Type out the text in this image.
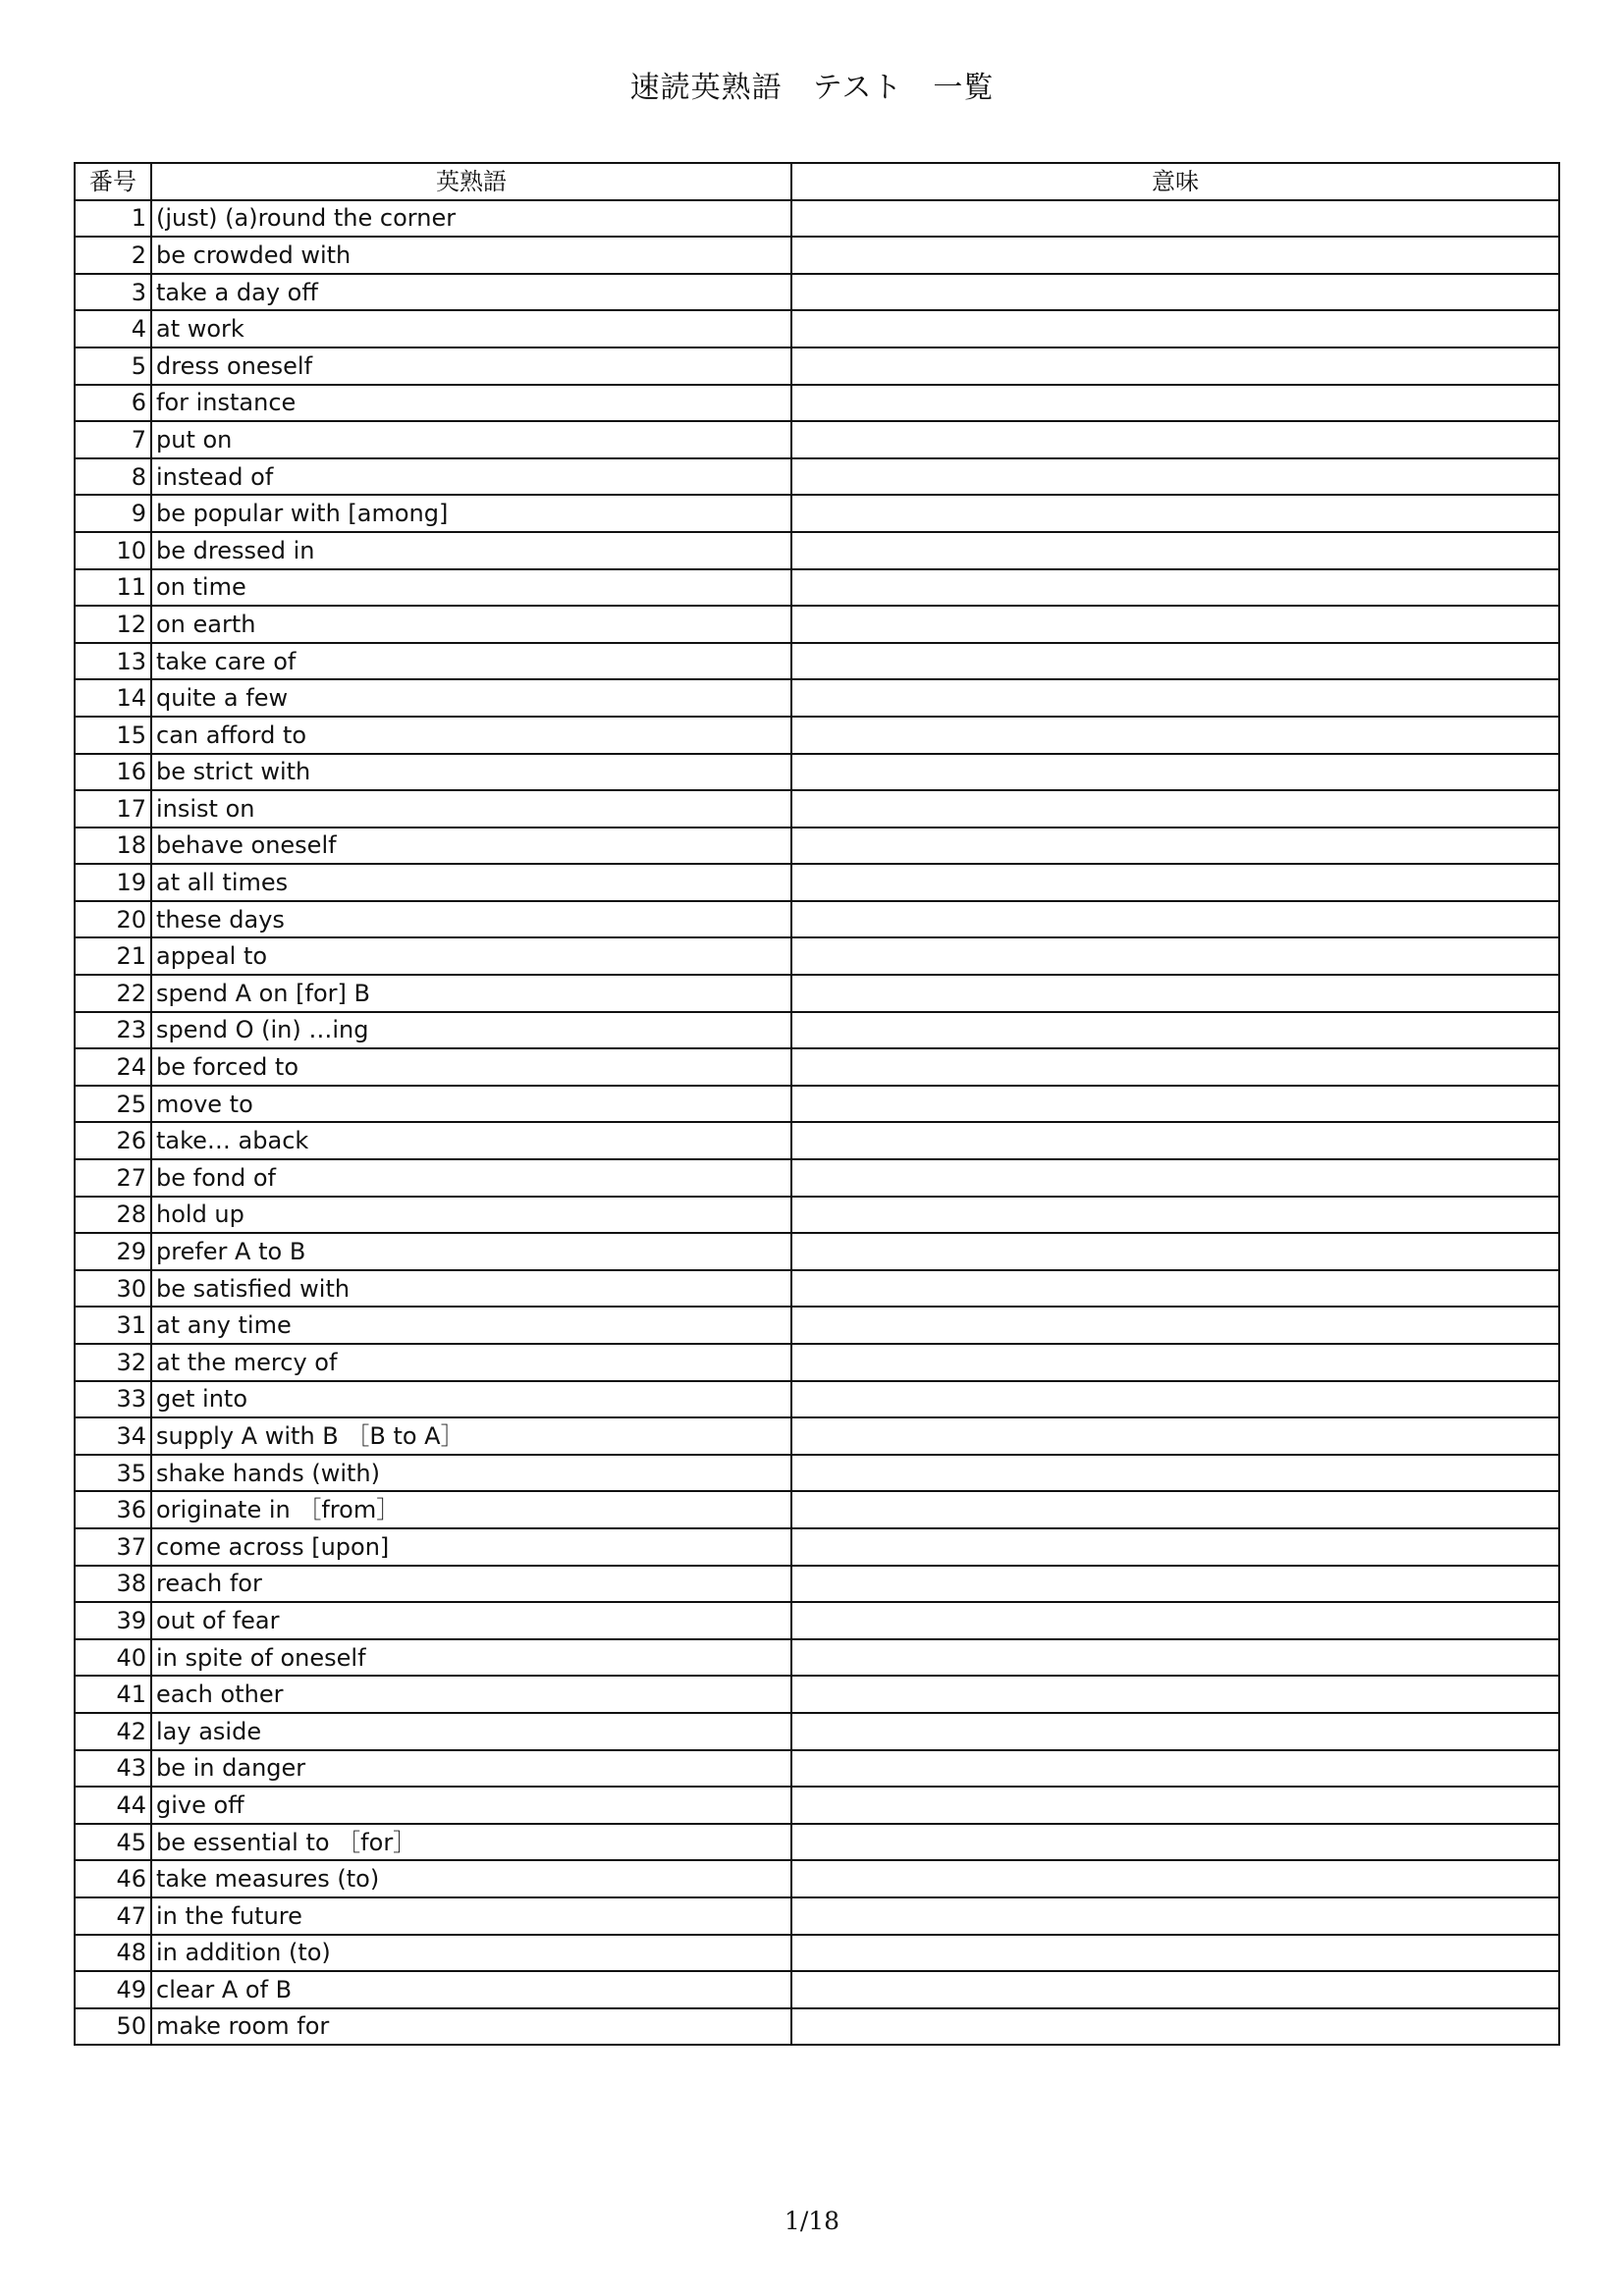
速読英熟語　テスト　一覧
番号	英熟語	意味
1	(just) (a)round the corner	
2	be crowded with	
3	take a day off	
4	at work	
5	dress oneself	
6	for instance	
7	put on	
8	instead of	
9	be popular with [among]	
10	be dressed in	
11	on time	
12	on earth	
13	take care of	
14	quite a few	
15	can afford to	
16	be strict with	
17	insist on	
18	behave oneself	
19	at all times	
20	these days	
21	appeal to	
22	spend A on [for] B	
23	spend O (in) …ing	
24	be forced to	
25	move to	
26	take… aback	
27	be fond of	
28	hold up	
29	prefer A to B	
30	be satisfied with	
31	at any time	
32	at the mercy of	
33	get into	
34	supply A with B ［B to A］	
35	shake hands (with)	
36	originate in ［from］	
37	come across [upon]	
38	reach for	
39	out of fear	
40	in spite of oneself	
41	each other	
42	lay aside	
43	be in danger	
44	give off	
45	be essential to ［for］	
46	take measures (to)	
47	in the future	
48	in addition (to)	
49	clear A of B	
50	make room for	
1/18
